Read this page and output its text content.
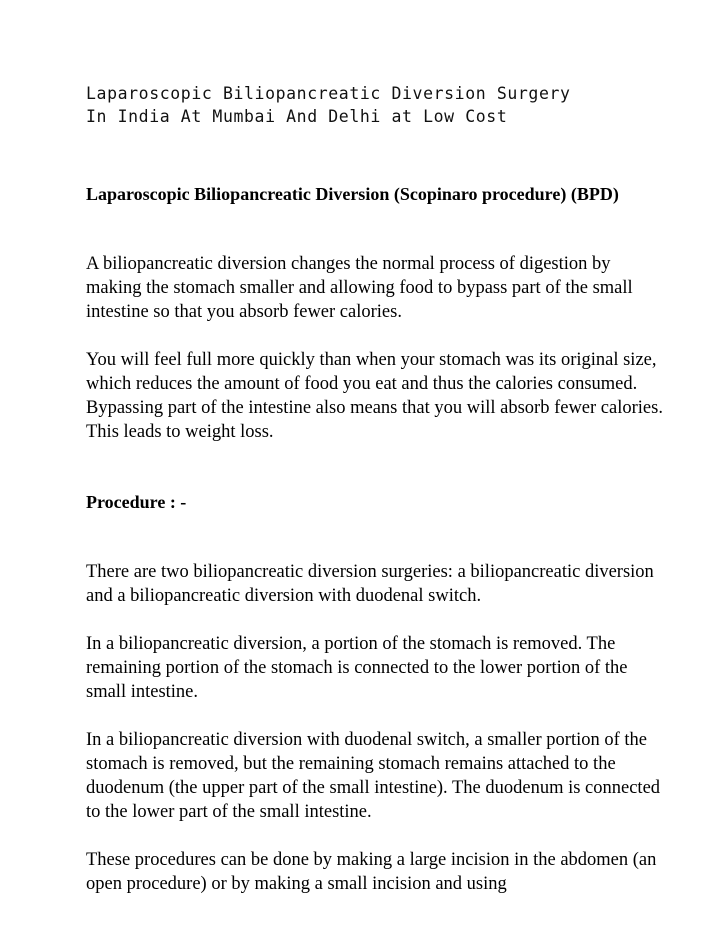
Laparoscopic Biliopancreatic Diversion Surgery
In India At Mumbai And Delhi at Low Cost

Laparoscopic Biliopancreatic Diversion (Scopinaro procedure) (BPD)

A biliopancreatic diversion changes the normal process of digestion by making the stomach smaller and allowing food to bypass part of the small intestine so that you absorb fewer calories.

You will feel full more quickly than when your stomach was its original size, which reduces the amount of food you eat and thus the calories consumed. Bypassing part of the intestine also means that you will absorb fewer calories. This leads to weight loss.

Procedure : -

There are two biliopancreatic diversion surgeries: a biliopancreatic diversion and a biliopancreatic diversion with duodenal switch.

In a biliopancreatic diversion, a portion of the stomach is removed. The remaining portion of the stomach is connected to the lower portion of the small intestine.

In a biliopancreatic diversion with duodenal switch, a smaller portion of the stomach is removed, but the remaining stomach remains attached to the duodenum (the upper part of the small intestine). The duodenum is connected to the lower part of the small intestine.

These procedures can be done by making a large incision in the abdomen (an open procedure) or by making a small incision and using
